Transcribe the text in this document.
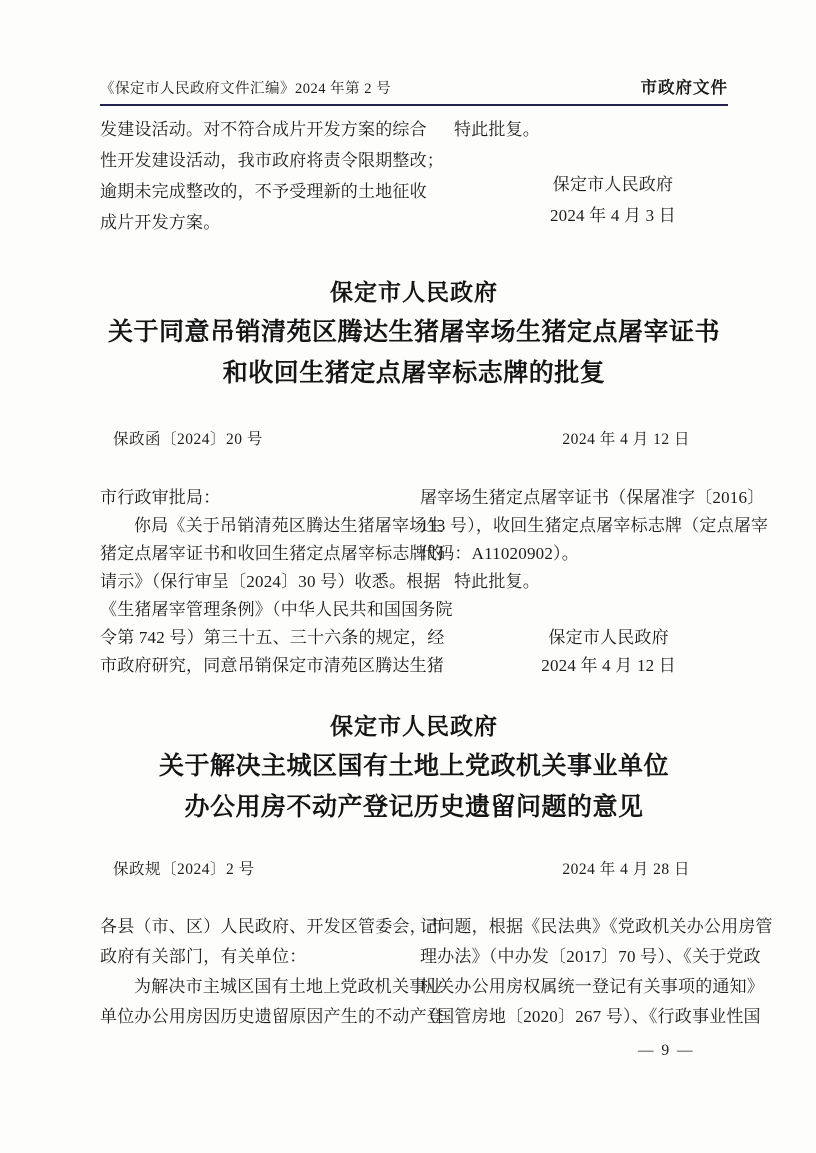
《保定市人民政府文件汇编》2024 年第 2 号	市政府文件
发建设活动。对不符合成片开发方案的综合
性开发建设活动，我市政府将责令限期整改；
逾期未完成整改的，不予受理新的土地征收
成片开发方案。
特此批复。
保定市人民政府
2024 年 4 月 3 日
保定市人民政府
关于同意吊销清苑区腾达生猪屠宰场生猪定点屠宰证书
和收回生猪定点屠宰标志牌的批复
保政函〔2024〕20 号	2024 年 4 月 12 日
市行政审批局：
你局《关于吊销清苑区腾达生猪屠宰场生
猪定点屠宰证书和收回生猪定点屠宰标志牌的
请示》（保行审呈〔2024〕30 号）收悉。根据
《生猪屠宰管理条例》（中华人民共和国国务院
令第 742 号）第三十五、三十六条的规定，经
市政府研究，同意吊销保定市清苑区腾达生猪
屠宰场生猪定点屠宰证书（保屠准字〔2016〕
113 号），收回生猪定点屠宰标志牌（定点屠宰
代码：A11020902）。
特此批复。
保定市人民政府
2024 年 4 月 12 日
保定市人民政府
关于解决主城区国有土地上党政机关事业单位
办公用房不动产登记历史遗留问题的意见
保政规〔2024〕2 号	2024 年 4 月 28 日
各县（市、区）人民政府、开发区管委会，市
政府有关部门，有关单位：
为解决市主城区国有土地上党政机关事业
单位办公用房因历史遗留原因产生的不动产登
记问题，根据《民法典》《党政机关办公用房管
理办法》（中办发〔2017〕70 号）、《关于党政
机关办公用房权属统一登记有关事项的通知》
（国管房地〔2020〕267 号）、《行政事业性国
— 9 —
